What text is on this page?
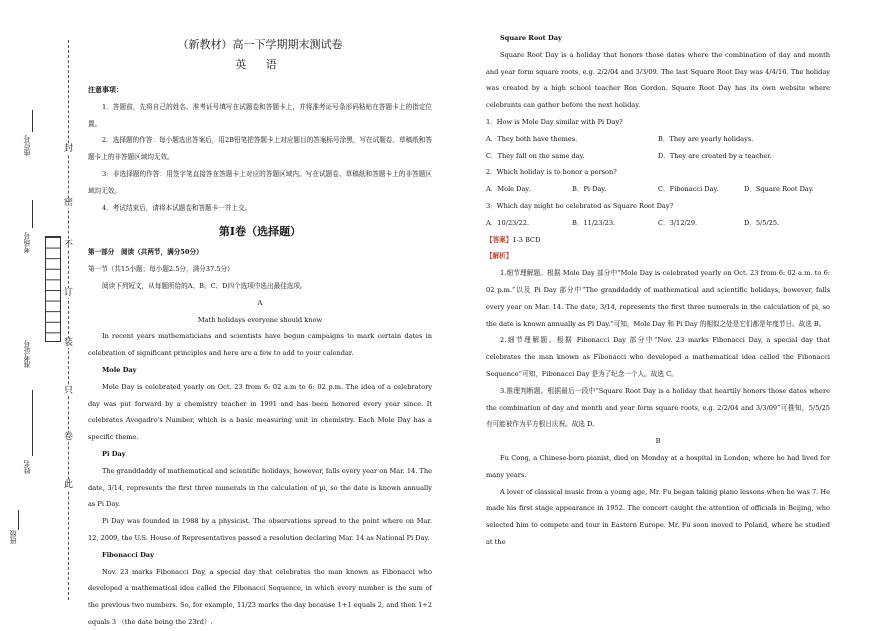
封
密
不
订
装
只
卷
此
座位号
考场号
准考证号
姓名
班级
（新教材）高一下学期期末测试卷
英 语
注意事项：

1．答题前，先将自己的姓名、准考证号填写在试题卷和答题卡上，并将准考证号条形码粘贴在答题卡上的指定位置。

2．选择题的作答：每小题选出答案后，用2B铅笔把答题卡上对应题目的答案标号涂黑，写在试题卷、草稿纸和答题卡上的非答题区域均无效。

3．非选择题的作答：用签字笔直接答在答题卡上对应的答题区域内。写在试题卷、草稿纸和答题卡上的非答题区域均无效。

4．考试结束后，请将本试题卷和答题卡一并上交。

第Ⅰ卷（选择题）

第一部分　阅读（共两节，满分50分）

第一节（共15小题；每小题2.5分，满分37.5分）

阅读下列短文，从每题所给的A、B、C、D四个选项中选出最佳选项。

A
Math holidays everyone should know

In recent years mathematicians and scientists have begun campaigns to mark certain dates in celebration of significant principles and here are a few to add to your calendar.

Mole Day

Mole Day is celebrated yearly on Oct. 23 from 6: 02 a.m to 6: 02 p.m. The idea of a celebratory day was put forward by a chemistry teacher in 1991 and has been honored every year since. It celebrates Avogadro's Number, which is a basic measuring unit in chemistry. Each Mole Day has a specific theme.

Pi Day

The granddaddy of mathematical and scientific holidays, however, falls every year on Mar. 14. The date, 3/14, represents the first three numerals in the calculation of pi, so the date is known annually as Pi Day.

Pi Day was founded in 1988 by a physicist. The observations spread to the point where on Mar. 12, 2009, the U.S. House of Representatives passed a resolution declaring Mar. 14 as National Pi Day.

Fibonacci Day

Nov. 23 marks Fibonacci Day, a special day that celebrates the man known as Fibonacci who developed a mathematical idea called the Fibonacci Sequence, in which every number is the sum of the previous two numbers. So, for example, 11/23 marks the day because 1+1 equals 2, and then 1+2 equals 3 （the date being the 23rd）.

Square Root Day

Square Root Day is a holiday that honors those dates where the combination of day and month and year form square roots, e.g. 2/2/04 and 3/3/09. The last Square Root Day was 4/4/16. The holiday was created by a high school teacher Ron Gordon. Square Root Day has its own website where celebrants can gather before the next holiday.

1．How is Mole Day similar with Pi Day?

A．They both have themes.	B．They are yearly holidays.
C．They fall on the same day.	D．They are created by a teacher.

2．Which holiday is to honor a person?

A．Mole Day.	B．Pi Day.	C．Fibonacci Day.	D．Square Root Day.

3．Which day might be celebrated as Square Root Day?

A．10/23/22.	B．11/23/23.	C．3/12/29.	D．5/5/25.

【答案】1-3 BCD

【解析】

1.细节理解题。根据 Mole Day 部分中“Mole Day is celebrated yearly on Oct. 23 from 6: 02 a.m. to 6: 02 p.m.”以及 Pi Day 部分中“The granddaddy of mathematical and scientific holidays, however, falls every year on Mar. 14. The date, 3/14, represents the first three numerals in the calculation of pi, so the date is known annually as Pi Day.”可知，Mole Day 和 Pi Day 的相似之处是它们都是年度节日。故选 B。

2.细节理解题。根据 Fibonacci Day 部分中“Nov. 23 marks Fibonacci Day, a special day that celebrates the man known as Fibonacci who developed a mathematical idea called the Fibonacci Sequence”可知，Fibonacci Day 是为了纪念一个人。故选 C。

3.推理判断题。根据最后一段中“Square Root Day is a holiday that heartily honors those dates where the combination of day and month and year form square roots, e.g. 2/2/04 and 3/3/09”可推知，5/5/25 有可能被作为平方根日庆祝。故选 D。

B

Fu Cong, a Chinese-born pianist, died on Monday at a hospital in London, where he had lived for many years.

A lover of classical music from a young age, Mr. Fu began taking piano lessons when he was 7. He made his first stage appearance in 1952. The concert caught the attention of officials in Beijing, who selected him to compete and tour in Eastern Europe. Mr. Fu soon moved to Poland, where he studied at the
